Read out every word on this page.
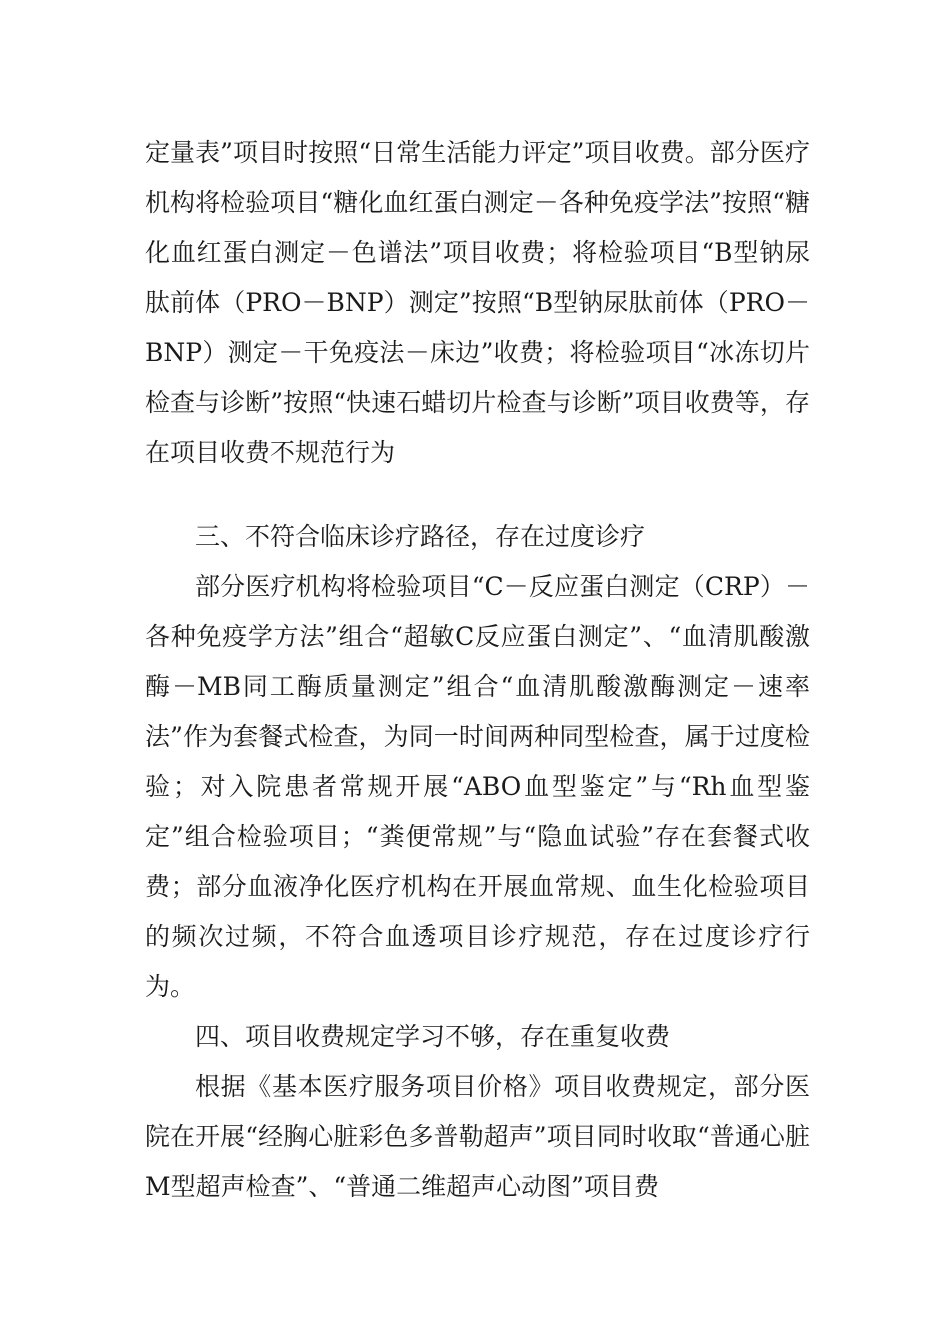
定量表”项目时按照“日常生活能力评定”项目收费。部分医疗机构将检验项目“糖化血红蛋白测定－各种免疫学法”按照“糖化血红蛋白测定－色谱法”项目收费；将检验项目“B型钠尿肽前体（PRO－BNP）测定”按照“B型钠尿肽前体（PRO－BNP）测定－干免疫法－床边”收费；将检验项目“冰冻切片检查与诊断”按照“快速石蜡切片检查与诊断”项目收费等，存在项目收费不规范行为

三、不符合临床诊疗路径，存在过度诊疗

部分医疗机构将检验项目“C－反应蛋白测定（CRP）－各种免疫学方法”组合“超敏C反应蛋白测定”、“血清肌酸激酶－MB同工酶质量测定”组合“血清肌酸激酶测定－速率法”作为套餐式检查，为同一时间两种同型检查，属于过度检验；对入院患者常规开展“ABO血型鉴定”与“Rh血型鉴定”组合检验项目；“粪便常规”与“隐血试验”存在套餐式收费；部分血液净化医疗机构在开展血常规、血生化检验项目的频次过频，不符合血透项目诊疗规范，存在过度诊疗行为。

四、项目收费规定学习不够，存在重复收费

根据《基本医疗服务项目价格》项目收费规定，部分医院在开展“经胸心脏彩色多普勒超声”项目同时收取“普通心脏M型超声检查”、“普通二维超声心动图”项目费
